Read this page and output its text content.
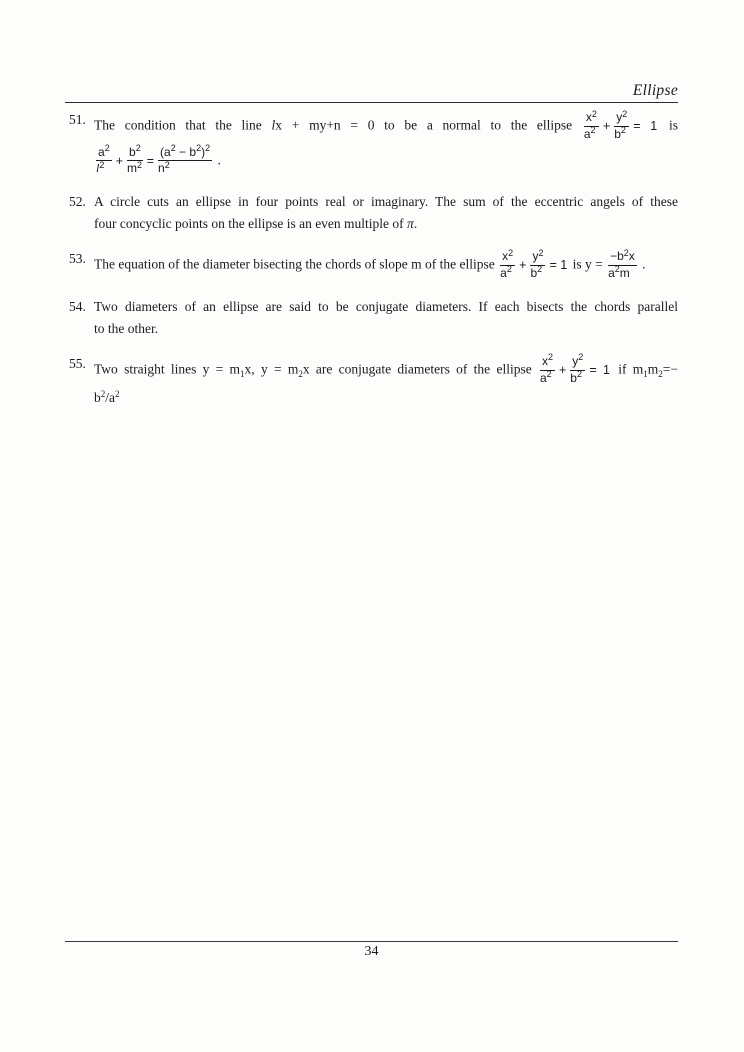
Ellipse
51. The condition that the line lx + my+n = 0 to be a normal to the ellipse $\frac{x^2}{a^2} + \frac{y^2}{b^2} = 1$ is
$\frac{a^2}{l^2} + \frac{b^2}{m^2} = \frac{(a^2 - b^2)^2}{n^2}$ .
52. A circle cuts an ellipse in four points real or imaginary. The sum of the eccentric angels of these
four concyclic points on the ellipse is an even multiple of π.
53. The equation of the diameter bisecting the chords of slope m of the ellipse $\frac{x^2}{a^2} + \frac{y^2}{b^2} = 1$ is $y = \frac{-b^2x}{a^2m}$ .
54. Two diameters of an ellipse are said to be conjugate diameters. If each bisects the chords parallel
to the other.
55. Two straight lines $y = m_1x$, $y = m_2x$ are conjugate diameters of the ellipse $\frac{x^2}{a^2} + \frac{y^2}{b^2} = 1$ if $m_1m_2=-$
$b^2/a^2$
34
